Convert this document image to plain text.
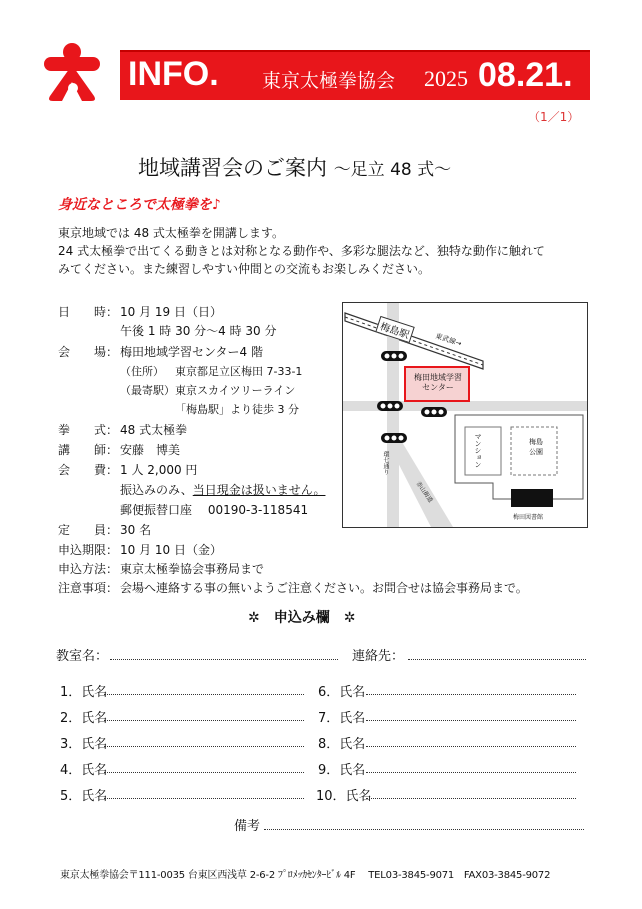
INFO. 東京太極拳協会 2025 08.21.
（1／1）
地域講習会のご案内 ～足立 48 式～
身近なところで太極拳を♪
東京地域では 48 式太極拳を開講します。
24 式太極拳で出てくる動きとは対称となる動作や、多彩な腿法など、独特な動作に触れて
みてください。また練習しやすい仲間との交流もお楽しみください。
日　　時： 10 月 19 日（日）
午後 1 時 30 分～4 時 30 分
会　　場： 梅田地域学習センター4 階
（住所） 東京都足立区梅田 7-33-1
（最寄駅） 東京スカイツリーライン
「梅島駅」より徒歩 3 分
拳　　式： 48 式太極拳
講　　師： 安藤　博美
会　　費： 1 人 2,000 円
振込みのみ、当日現金は扱いません。
郵便振替口座　 00190-3-118541
定　　員： 30 名
申込期限： 10 月 10 日（金）
申込方法： 東京太極拳協会事務局まで
注意事項： 会場へ連絡する事の無いようご注意ください。お問合せは協会事務局まで。
梅島駅	東武線→
梅田地域学習
センター
マンション	梅島
公園
環七通り
赤山街道
梅田図書館
✲　申込み欄　✲
教室名：	連絡先：
1．氏名
2．氏名
3．氏名
4．氏名
5．氏名
6．氏名
7．氏名
8．氏名
9．氏名
10．氏名
備考
東京太極拳協会〒111-0035 台東区西浅草 2-6-2 ﾌﾟﾛﾒｯｶｾﾝﾀｰﾋﾞﾙ 4F　 TEL03-3845-9071　FAX03-3845-9072
